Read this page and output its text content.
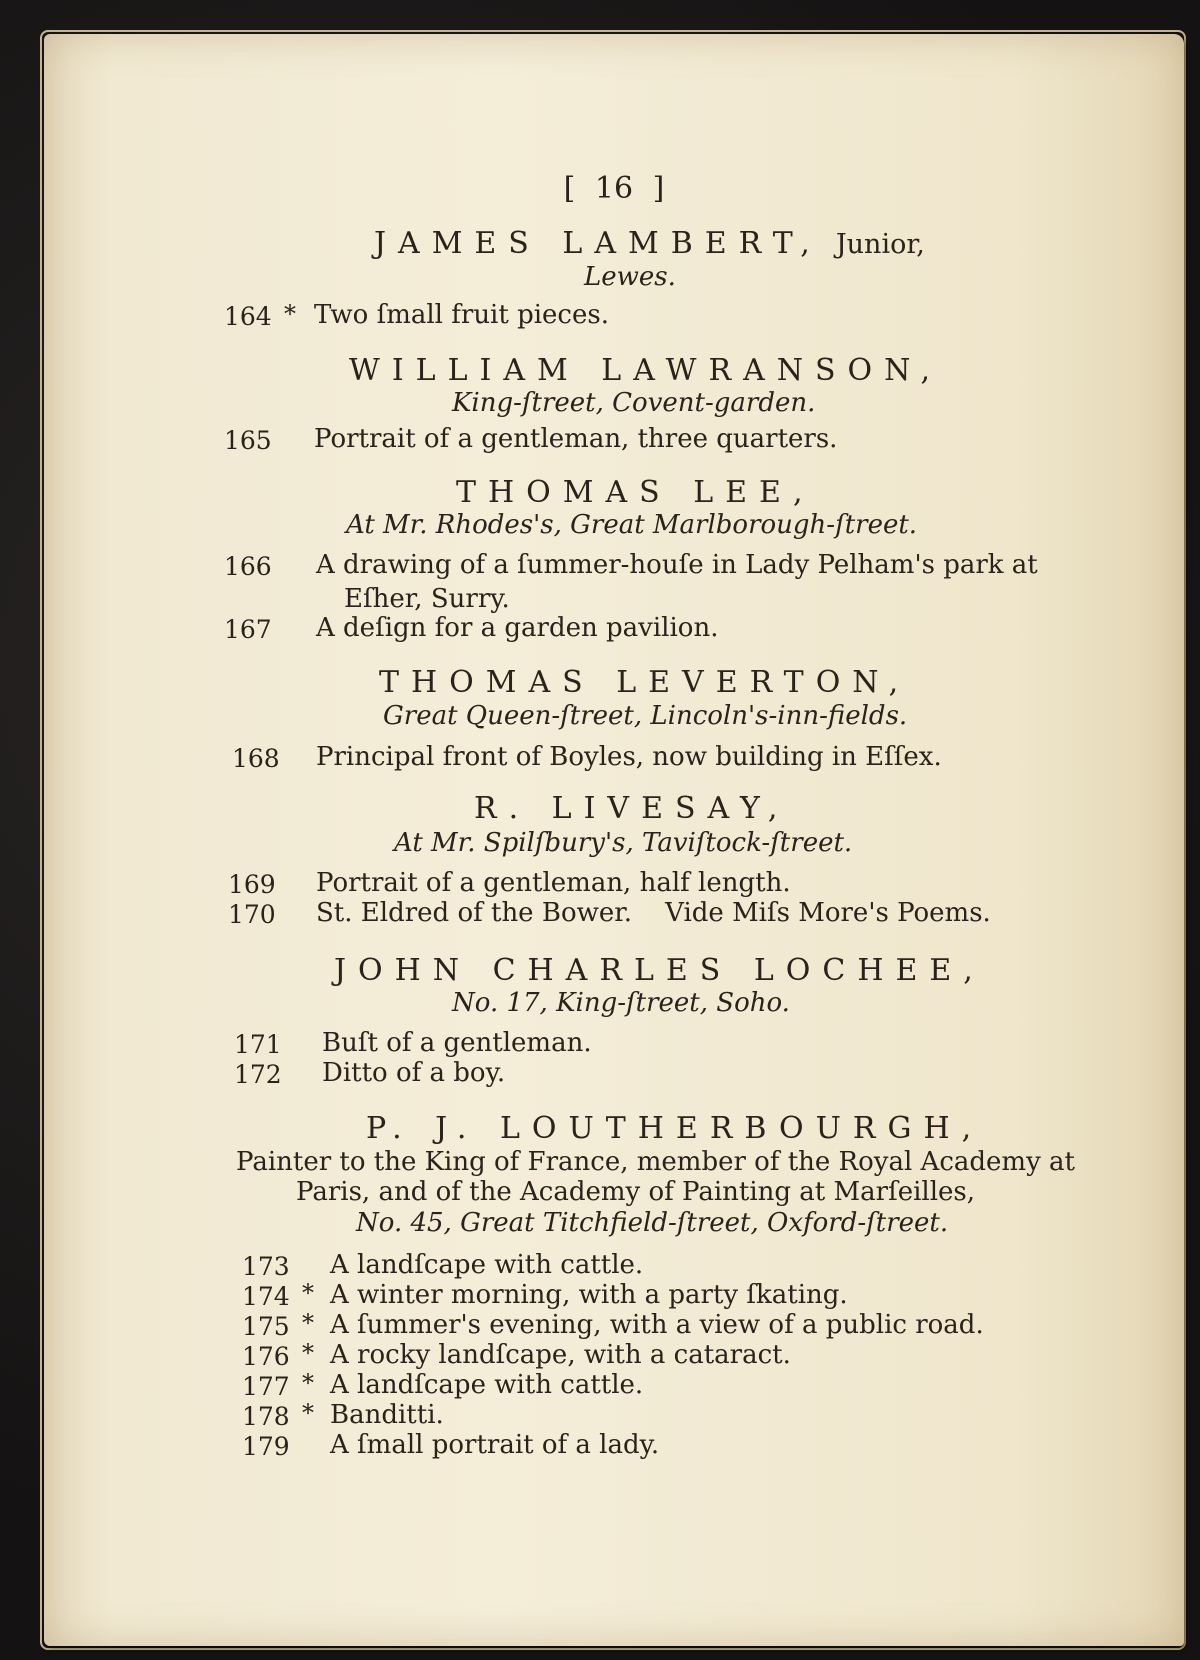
[ 16 ]
JAMES LAMBERT, Junior,
Lewes.
164 * Two ſmall fruit pieces.
WILLIAM LAWRANSON,
King-ſtreet, Covent-garden.
165 Portrait of a gentleman, three quarters.
THOMAS LEE,
At Mr. Rhodes's, Great Marlborough-ſtreet.
166 A drawing of a ſummer-houſe in Lady Pelham's park at
Eſher, Surry.
167 A deſign for a garden pavilion.
THOMAS LEVERTON,
Great Queen-ſtreet, Lincoln's-inn-fields.
168 Principal front of Boyles, now building in Eſſex.
R. LIVESAY,
At Mr. Spilſbury's, Taviſtock-ſtreet.
169 Portrait of a gentleman, half length.
170 St. Eldred of the Bower.    Vide Miſs More's Poems.
JOHN CHARLES LOCHEE,
No. 17, King-ſtreet, Soho.
171 Buſt of a gentleman.
172 Ditto of a boy.
P. J. LOUTHERBOURGH,
Painter to the King of France, member of the Royal Academy at
Paris, and of the Academy of Painting at Marſeilles,
No. 45, Great Titchfield-ſtreet, Oxford-ſtreet.
173 A landſcape with cattle.
174 * A winter morning, with a party ſkating.
175 * A ſummer's evening, with a view of a public road.
176 * A rocky landſcape, with a cataract.
177 * A landſcape with cattle.
178 * Banditti.
179 A ſmall portrait of a lady.
